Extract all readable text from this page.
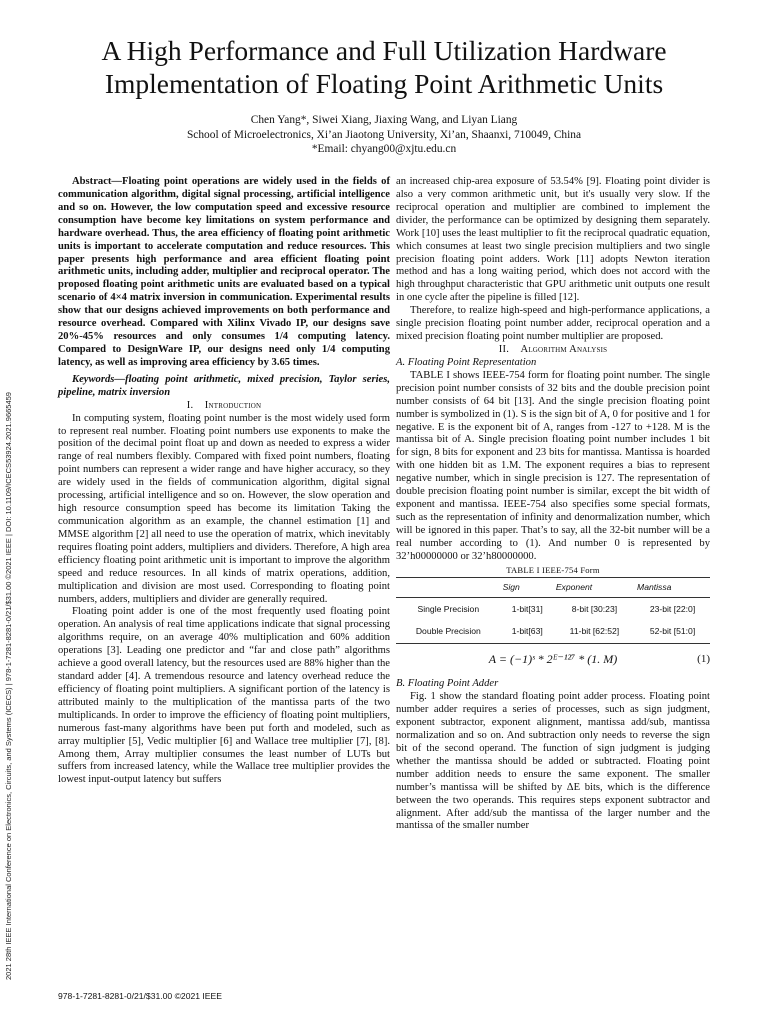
A High Performance and Full Utilization Hardware Implementation of Floating Point Arithmetic Units
Chen Yang*, Siwei Xiang, Jiaxing Wang, and Liyan Liang
School of Microelectronics, Xi’an Jiaotong University, Xi’an, Shaanxi, 710049, China
*Email: chyang00@xjtu.edu.cn
2021 28th IEEE International Conference on Electronics, Circuits, and Systems (ICECS) | 978-1-7281-8281-0/21/$31.00 ©2021 IEEE | DOI: 10.1109/ICECS53924.2021.9665459

Abstract—Floating point operations are widely used in the fields of communication algorithm, digital signal processing, artificial intelligence and so on. However, the low computation speed and excessive resource consumption have become key limitations on system performance and hardware overhead. Thus, the area efficiency of floating point arithmetic units is important to accelerate computation and reduce resources. This paper presents high performance and area efficient floating point arithmetic units, including adder, multiplier and reciprocal operator. The proposed floating point arithmetic units are evaluated based on a typical scenario of 4×4 matrix inversion in communication. Experimental results show that our designs achieved improvements on both performance and resource overhead. Compared with Xilinx Vivado IP, our designs save 20%-45% resources and only consumes 1/4 computing latency. Compared to DesignWare IP, our designs need only 1/4 computing latency, as well as improving area efficiency by 3.65 times.

Keywords—floating point arithmetic, mixed precision, Taylor series, pipeline, matrix inversion

I. Introduction

In computing system, floating point number is the most widely used form to represent real number. Floating point numbers use exponents to make the position of the decimal point float up and down as needed to express a wider range of real numbers flexibly. Compared with fixed point numbers, floating point numbers can represent a wider range and have higher accuracy, so they are widely used in the fields of communication algorithm, digital signal processing, artificial intelligence and so on. However, the slow operation and high resource consumption speed has become its limitation Taking the communication algorithm as an example, the channel estimation [1] and MMSE algorithm [2] all need to use the operation of matrix, which inevitably requires floating point adders, multipliers and dividers. Therefore, A high area efficiency floating point arithmetic unit is important to improve the algorithm speed and reduce resources. In all kinds of matrix operations, addition, multiplication and division are most used. Corresponding to floating point numbers, adders, multipliers and divider are generally required.

Floating point adder is one of the most frequently used floating point operation. An analysis of real time applications indicate that signal processing algorithms require, on an average 40% multiplication and 60% addition operations [3]. Leading one predictor and “far and close path” algorithms achieve a good overall latency, but the resources used are 88% higher than the standard adder [4]. A tremendous resource and latency overhead reduce the efficiency of floating point multipliers. A significant portion of the latency is attributed mainly to the multiplication of the mantissa parts of the two multiplicands. In order to improve the efficiency of floating point multipliers, numerous fast-many algorithms have been put forth and modeled, such as array multiplier [5], Vedic multiplier [6] and Wallace tree multiplier [7], [8]. Among them, Array multiplier consumes the least number of LUTs but suffers from increased latency, while the Wallace tree multiplier provides the lowest input-output latency but suffers

an increased chip-area exposure of 53.54% [9]. Floating point divider is also a very common arithmetic unit, but it's usually very slow. If the reciprocal operation and multiplier are combined to implement the divider, the performance can be optimized by designing them separately. Work [10] uses the least multiplier to fit the reciprocal quadratic equation, which consumes at least two single precision multipliers and two single precision floating point adders. Work [11] adopts Newton iteration method and has a long waiting period, which does not accord with the high throughput characteristic that GPU arithmetic unit outputs one result in one cycle after the pipeline is filled [12].

Therefore, to realize high-speed and high-performance applications, a single precision floating point number adder, reciprocal operation and a mixed precision floating point number multiplier are proposed.

II. Algorithm Analysis

A. Floating Point Representation

TABLE I shows IEEE-754 form for floating point number. The single precision point number consists of 32 bits and the double precision point number consists of 64 bit [13]. And the single precision floating point number is symbolized in (1). S is the sign bit of A, 0 for positive and 1 for negative. E is the exponent bit of A, ranges from -127 to +128. M is the mantissa bit of A. Single precision floating point number includes 1 bit for sign, 8 bits for exponent and 23 bits for mantissa. Mantissa is hoarded with one hidden bit as 1.M. The exponent requires a bias to represent negative number, which in single precision is 127. The representation of double precision floating point number is similar, except the bit width of exponent and mantissa. IEEE-754 also specifies some special formats, such as the representation of infinity and denormalization number, which will be ignored in this paper. That’s to say, all the 32-bit number will be a real number according to (1). And number 0 is represented by 32’h00000000 or 32’h80000000.

TABLE I IEEE-754 Form

	Sign	Exponent	Mantissa
Single Precision	1-bit[31]	8-bit [30:23]	23-bit [22:0]
Double Precision	1-bit[63]	11-bit [62:52]	52-bit [51:0]
A = (−1)ˢ * 2ᴱ⁻¹²⁷ * (1. M)	(1)

B. Floating Point Adder

Fig. 1 show the standard floating point adder process. Floating point number adder requires a series of processes, such as sign judgment, exponent subtractor, exponent alignment, mantissa add/sub, mantissa normalization and so on. And subtraction only needs to reverse the sign bit of the second operand. The function of sign judgment is judging whether the mantissa should be added or subtracted. Floating point number addition needs to ensure the same exponent. The smaller number’s mantissa will be shifted by ΔE bits, which is the difference between the two operands. This requires steps exponent subtractor and alignment. After add/sub the mantissa of the larger number and the mantissa of the smaller number

978-1-7281-8281-0/21/$31.00 ©2021 IEEE
